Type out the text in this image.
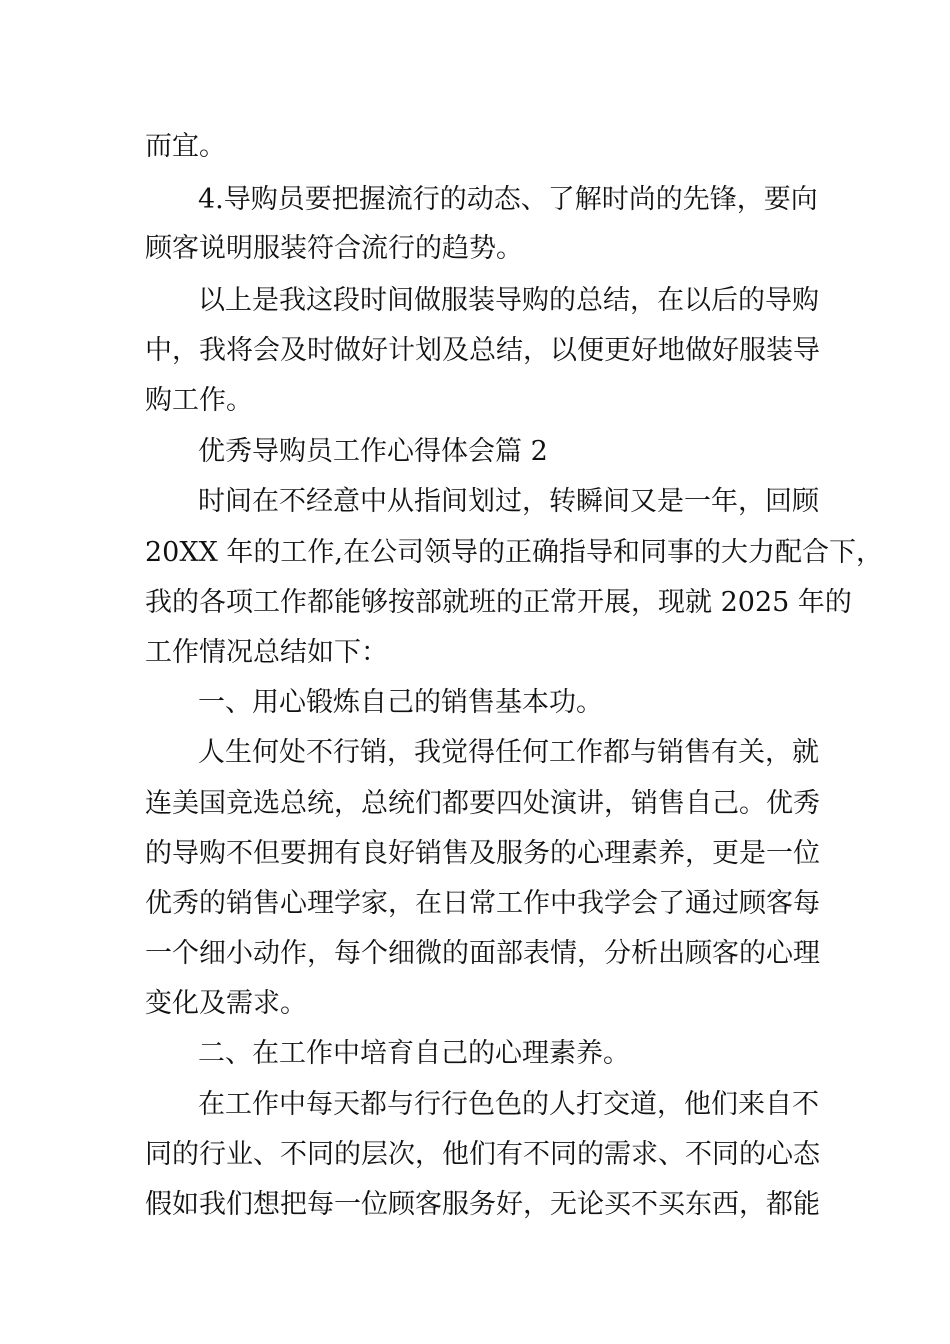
而宜。
4.导购员要把握流行的动态、了解时尚的先锋，要向
顾客说明服装符合流行的趋势。
以上是我这段时间做服装导购的总结，在以后的导购
中，我将会及时做好计划及总结，以便更好地做好服装导
购工作。
优秀导购员工作心得体会篇 2
时间在不经意中从指间划过，转瞬间又是一年，回顾
20XX 年的工作,在公司领导的正确指导和同事的大力配合下，
我的各项工作都能够按部就班的正常开展，现就 2025 年的
工作情况总结如下：
一、用心锻炼自己的销售基本功。
人生何处不行销，我觉得任何工作都与销售有关，就
连美国竞选总统，总统们都要四处演讲，销售自己。优秀
的导购不但要拥有良好销售及服务的心理素养，更是一位
优秀的销售心理学家，在日常工作中我学会了通过顾客每
一个细小动作，每个细微的面部表情，分析出顾客的心理
变化及需求。
二、在工作中培育自己的心理素养。
在工作中每天都与行行色色的人打交道，他们来自不
同的行业、不同的层次，他们有不同的需求、不同的心态
假如我们想把每一位顾客服务好，无论买不买东西，都能
